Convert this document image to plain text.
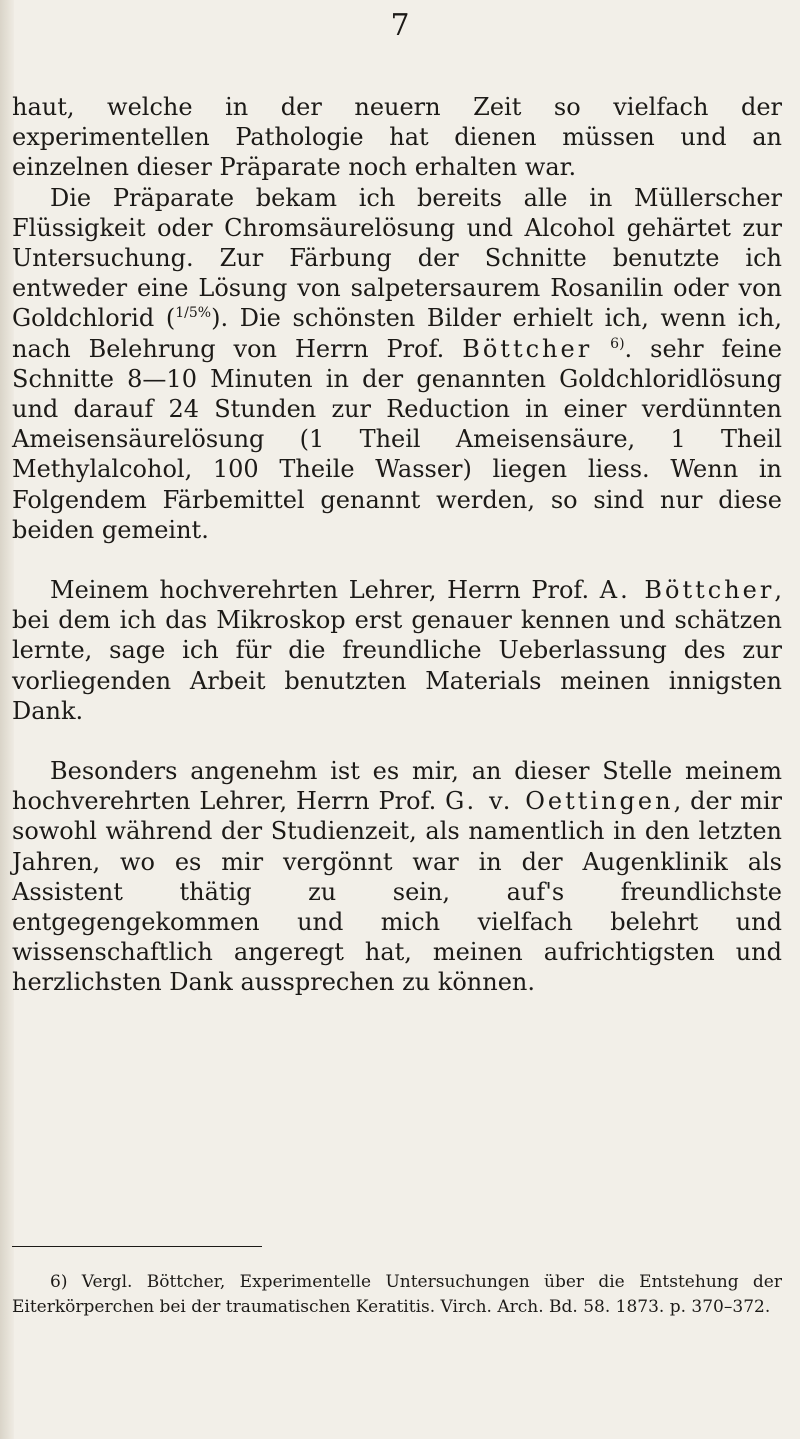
7

haut, welche in der neuern Zeit so vielfach der experimentellen Pathologie hat dienen müssen und an einzelnen dieser Präparate noch erhalten war.

Die Präparate bekam ich bereits alle in Müllerscher Flüssigkeit oder Chromsäurelösung und Alcohol gehärtet zur Untersuchung. Zur Färbung der Schnitte benutzte ich entweder eine Lösung von salpetersaurem Rosanilin oder von Goldchlorid ($^{1/5\%}$). Die schönsten Bilder erhielt ich, wenn ich, nach Belehrung von Herrn Prof. Böttcher $^{6)}$. sehr feine Schnitte 8—10 Minuten in der genannten Goldchloridlösung und darauf 24 Stunden zur Reduction in einer verdünnten Ameisensäurelösung (1 Theil Ameisensäure, 1 Theil Methylalcohol, 100 Theile Wasser) liegen liess. Wenn in Folgendem Färbemittel genannt werden, so sind nur diese beiden gemeint.

Meinem hochverehrten Lehrer, Herrn Prof. A. Böttcher, bei dem ich das Mikroskop erst genauer kennen und schätzen lernte, sage ich für die freundliche Ueberlassung des zur vorliegenden Arbeit benutzten Materials meinen innigsten Dank.

Besonders angenehm ist es mir, an dieser Stelle meinem hochverehrten Lehrer, Herrn Prof. G. v. Oettingen, der mir sowohl während der Studienzeit, als namentlich in den letzten Jahren, wo es mir vergönnt war in der Augenklinik als Assistent thätig zu sein, auf's freundlichste entgegengekommen und mich vielfach belehrt und wissenschaftlich angeregt hat, meinen aufrichtigsten und herzlichsten Dank aussprechen zu können.

6) Vergl. Böttcher, Experimentelle Untersuchungen über die Entstehung der Eiterkörperchen bei der traumatischen Keratitis. Virch. Arch. Bd. 58. 1873. p. 370–372.
